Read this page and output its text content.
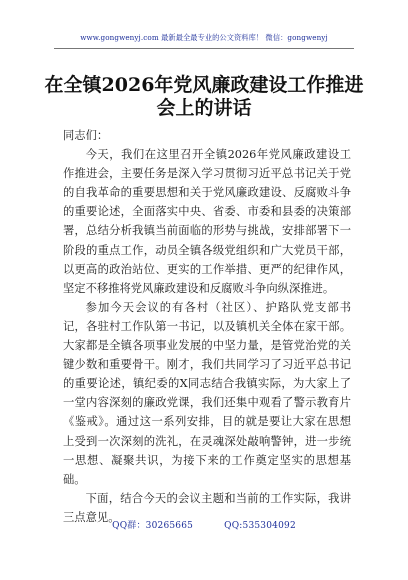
www.gongwenyj.com 最新最全最专业的公文资料库！ 微信：gongwenyj
在全镇2026年党风廉政建设工作推进会上的讲话
同志们：
今天，我们在这里召开全镇2026年党风廉政建设工作推进会，主要任务是深入学习贯彻习近平总书记关于党的自我革命的重要思想和关于党风廉政建设、反腐败斗争的重要论述，全面落实中央、省委、市委和县委的决策部署，总结分析我镇当前面临的形势与挑战，安排部署下一阶段的重点工作，动员全镇各级党组织和广大党员干部，以更高的政治站位、更实的工作举措、更严的纪律作风，坚定不移推将党风廉政建设和反腐败斗争向纵深推进。
参加今天会议的有各村（社区）、护路队党支部书记，各驻村工作队第一书记，以及镇机关全体在家干部。大家都是全镇各项事业发展的中坚力量，是管党治党的关键少数和重要骨干。刚才，我们共同学习了习近平总书记的重要论述，镇纪委的X同志结合我镇实际，为大家上了一堂内容深刻的廉政党课，我们还集中观看了警示教育片《鉴戒》。通过这一系列安排，目的就是要让大家在思想上受到一次深刻的洗礼，在灵魂深处敲响警钟，进一步统一思想、凝聚共识，为接下来的工作奠定坚实的思想基础。
下面，结合今天的会议主题和当前的工作实际，我讲三点意见。
QQ群：30265665	QQ:535304092
